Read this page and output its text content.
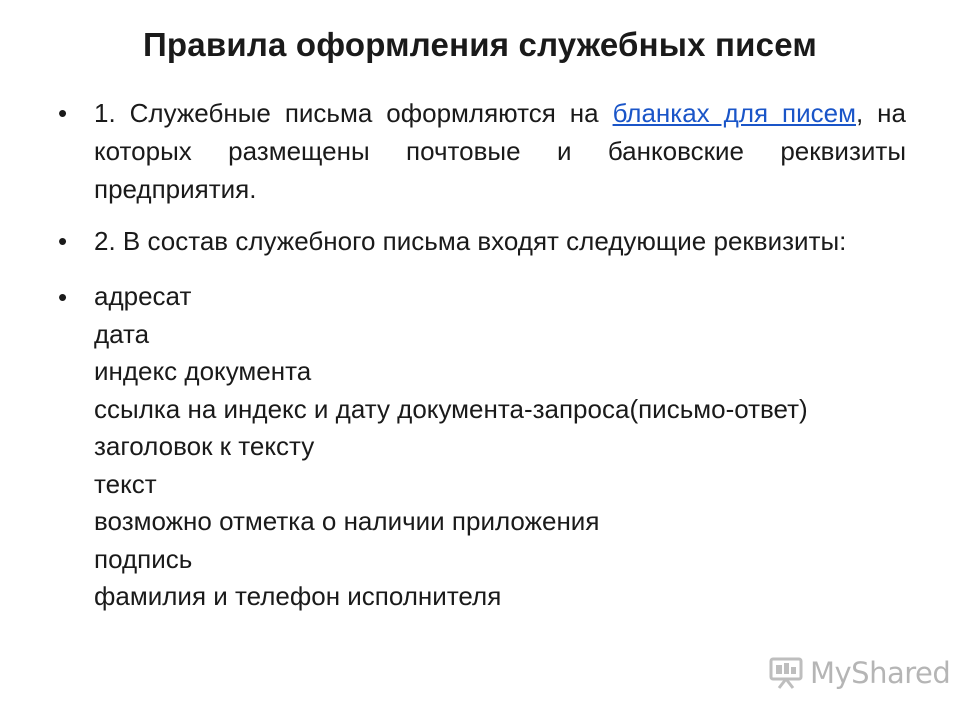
Правила оформления служебных писем
•	1. Служебные письма оформляются на бланках для писем, на которых размещены почтовые и банковские реквизиты предприятия.
•	2. В состав служебного письма входят следующие реквизиты:
•	адресат
дата
индекс документа
ссылка на индекс и дату документа-запроса(письмо-ответ)
заголовок к тексту
текст
возможно отметка о наличии приложения
подпись
фамилия и телефон исполнителя
MyShared
